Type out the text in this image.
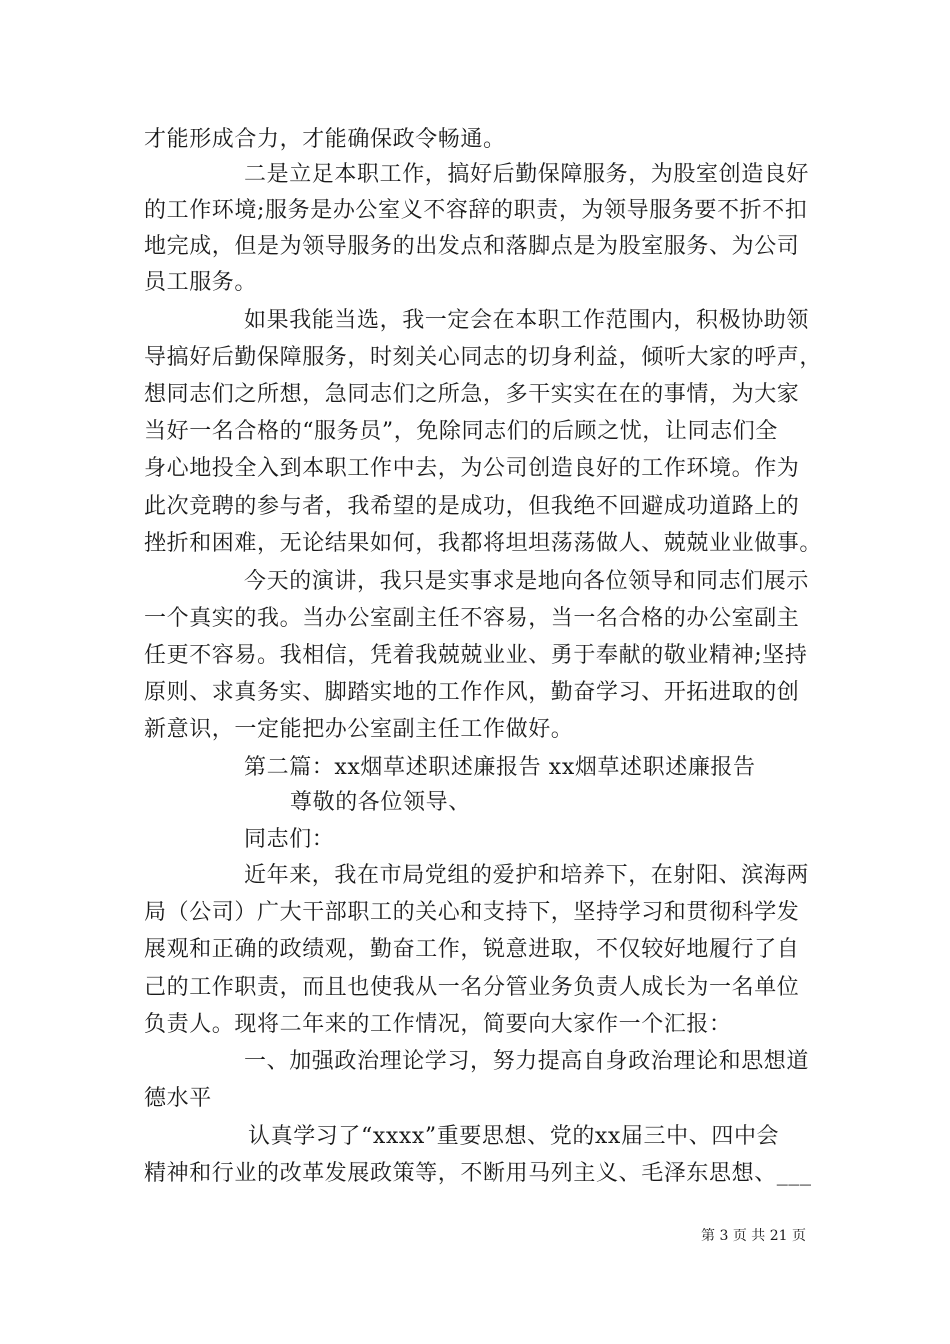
才能形成合力，才能确保政令畅通。
二是立足本职工作，搞好后勤保障服务，为股室创造良好
的工作环境;服务是办公室义不容辞的职责，为领导服务要不折不扣
地完成，但是为领导服务的出发点和落脚点是为股室服务、为公司
员工服务。
如果我能当选，我一定会在本职工作范围内，积极协助领
导搞好后勤保障服务，时刻关心同志的切身利益，倾听大家的呼声，
想同志们之所想，急同志们之所急，多干实实在在的事情，为大家
当好一名合格的“服务员”，免除同志们的后顾之忧，让同志们全
身心地投全入到本职工作中去，为公司创造良好的工作环境。作为
此次竞聘的参与者，我希望的是成功，但我绝不回避成功道路上的
挫折和困难，无论结果如何，我都将坦坦荡荡做人、兢兢业业做事。
今天的演讲，我只是实事求是地向各位领导和同志们展示
一个真实的我。当办公室副主任不容易，当一名合格的办公室副主
任更不容易。我相信，凭着我兢兢业业、勇于奉献的敬业精神;坚持
原则、求真务实、脚踏实地的工作作风，勤奋学习、开拓进取的创
新意识，一定能把办公室副主任工作做好。
第二篇：xx烟草述职述廉报告 xx烟草述职述廉报告
尊敬的各位领导、
同志们：
近年来，我在市局党组的爱护和培养下，在射阳、滨海两
局（公司）广大干部职工的关心和支持下，坚持学习和贯彻科学发
展观和正确的政绩观，勤奋工作，锐意进取，不仅较好地履行了自
己的工作职责，而且也使我从一名分管业务负责人成长为一名单位
负责人。现将二年来的工作情况，简要向大家作一个汇报：
一、加强政治理论学习，努力提高自身政治理论和思想道
德水平
认真学习了“xxxx”重要思想、党的xx届三中、四中会
精神和行业的改革发展政策等，不断用马列主义、毛泽东思想、___
第 3 页 共 21 页
